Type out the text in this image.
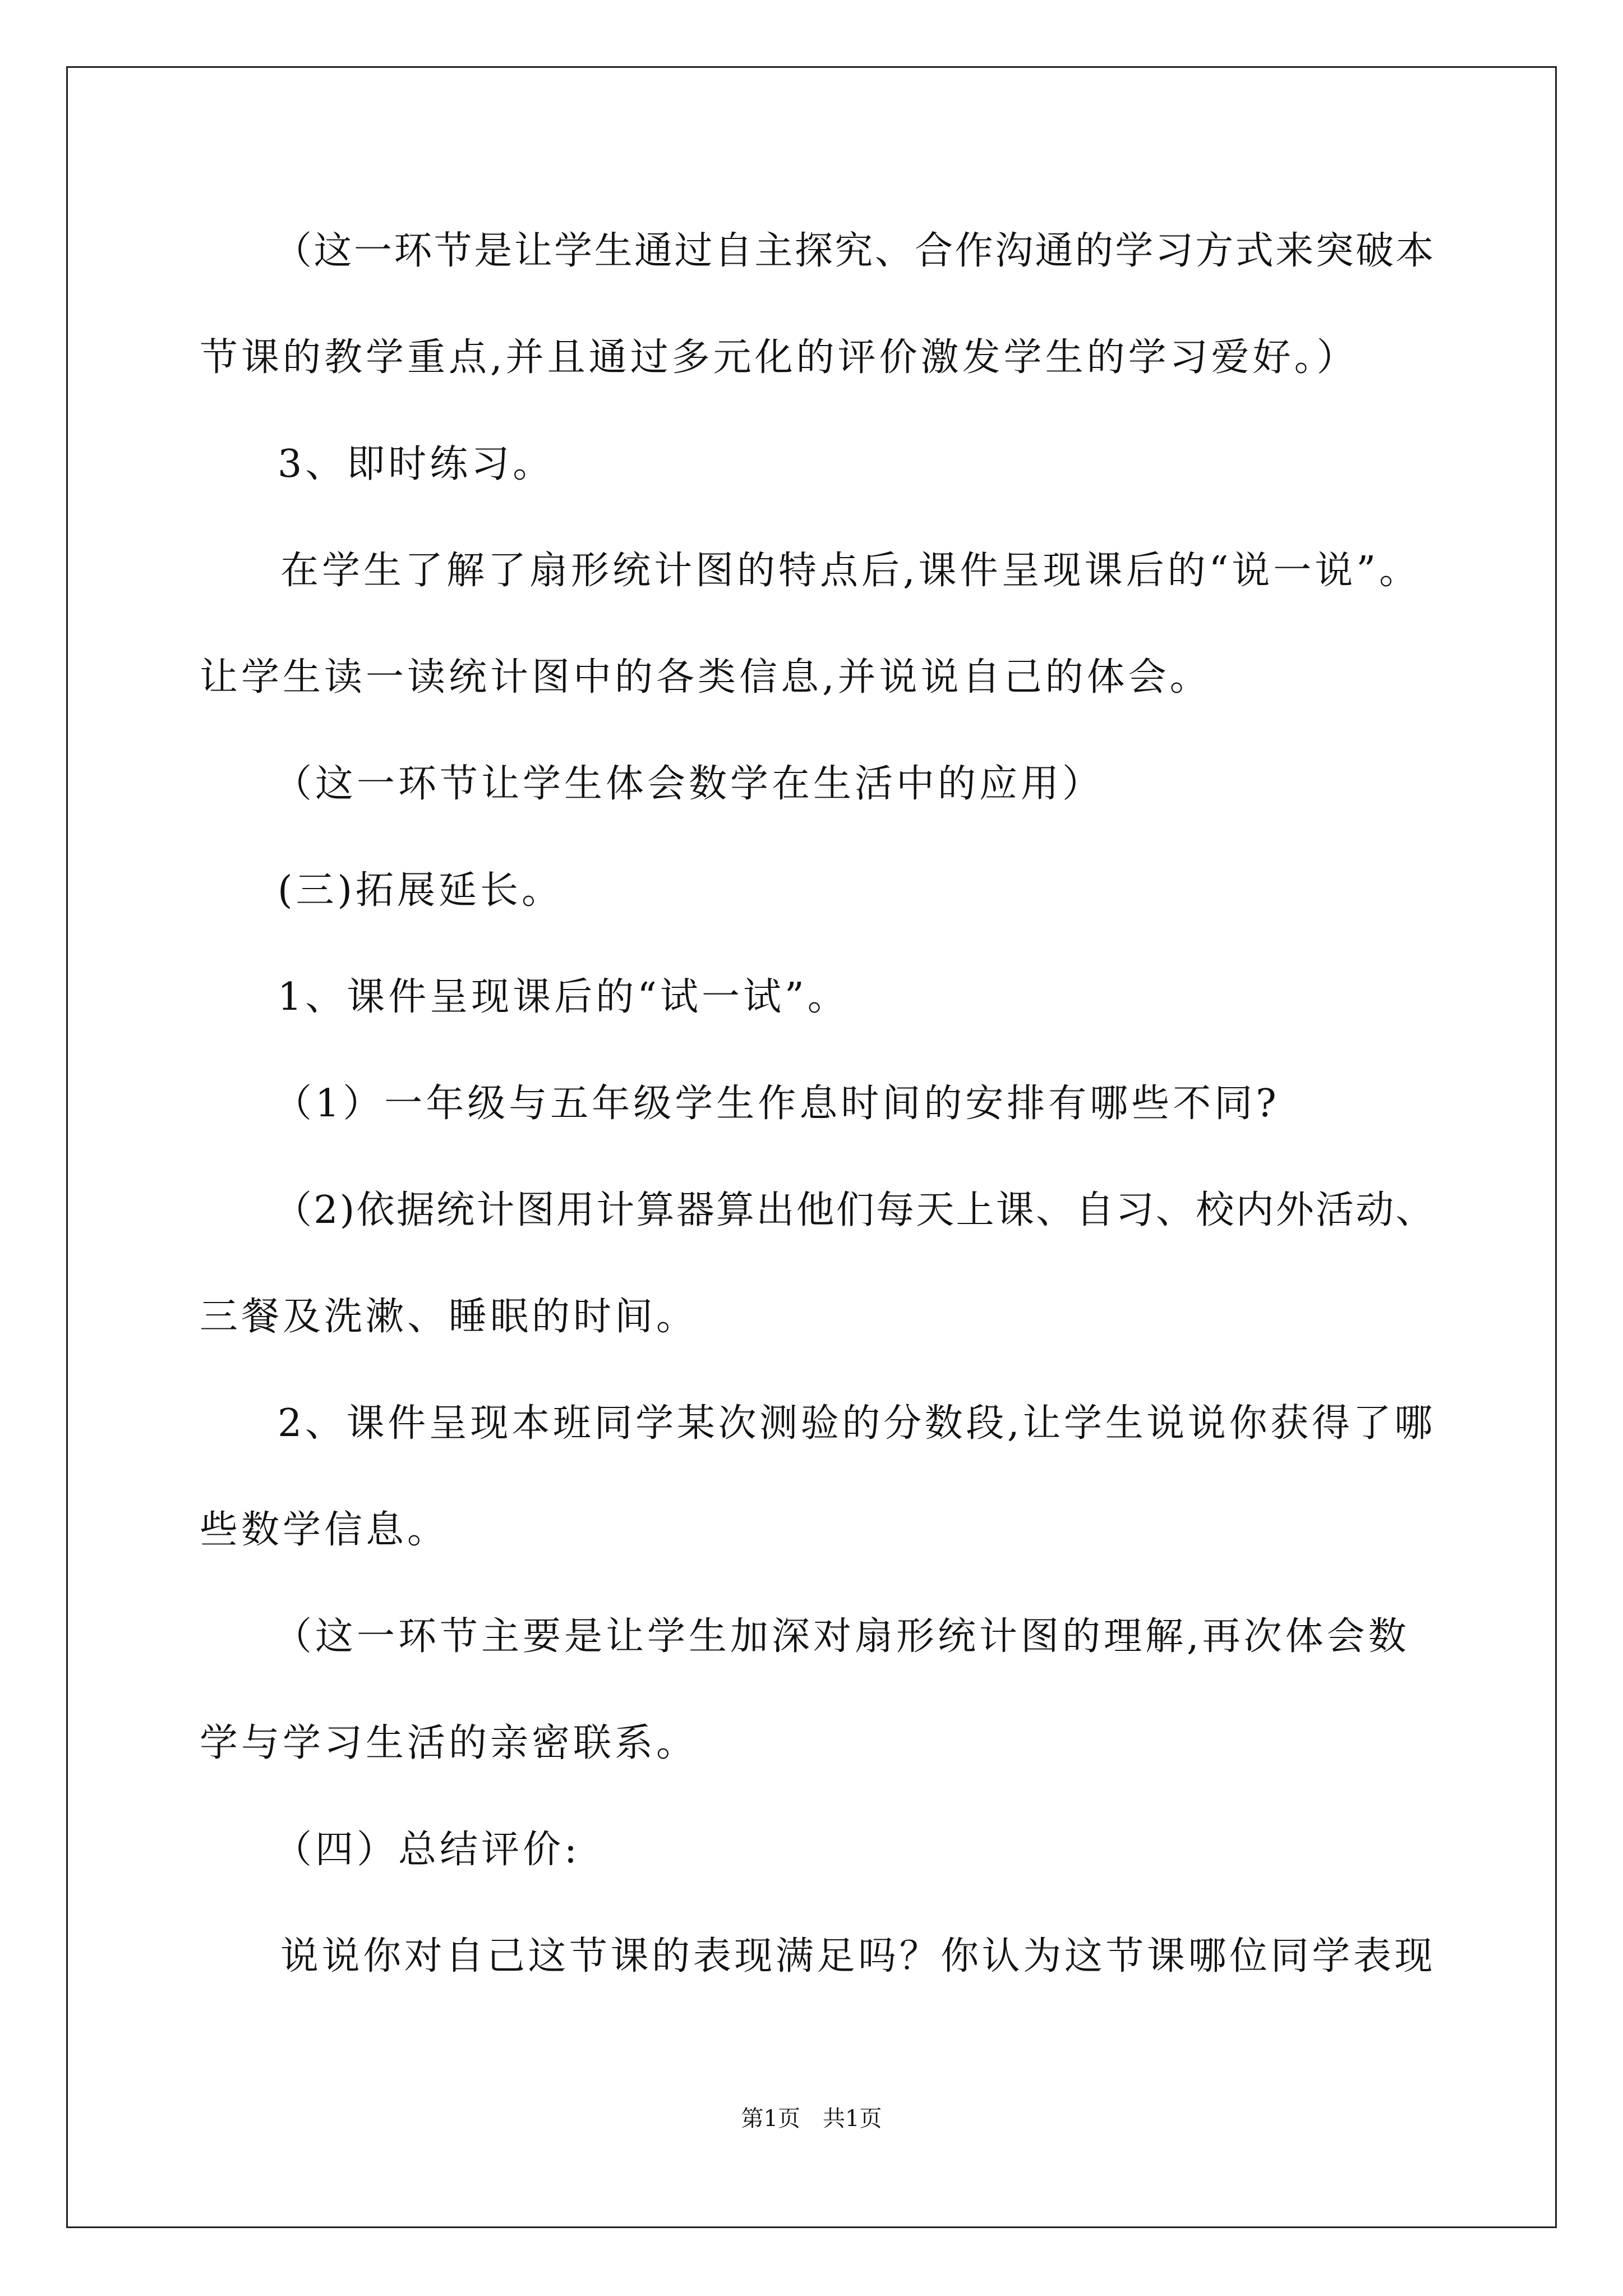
（这一环节是让学生通过自主探究、合作沟通的学习方式来突破本
节课的教学重点,并且通过多元化的评价激发学生的学习爱好。）
3、即时练习。
在学生了解了扇形统计图的特点后,课件呈现课后的“说一说”。
让学生读一读统计图中的各类信息,并说说自己的体会。
（这一环节让学生体会数学在生活中的应用）
(三)拓展延长。
1、课件呈现课后的“试一试”。
（1）一年级与五年级学生作息时间的安排有哪些不同?
（2)依据统计图用计算器算出他们每天上课、自习、校内外活动、
三餐及洗漱、睡眠的时间。
2、课件呈现本班同学某次测验的分数段,让学生说说你获得了哪
些数学信息。
（这一环节主要是让学生加深对扇形统计图的理解,再次体会数
学与学习生活的亲密联系。
（四）总结评价:
说说你对自己这节课的表现满足吗？你认为这节课哪位同学表现
第1页 共1页
